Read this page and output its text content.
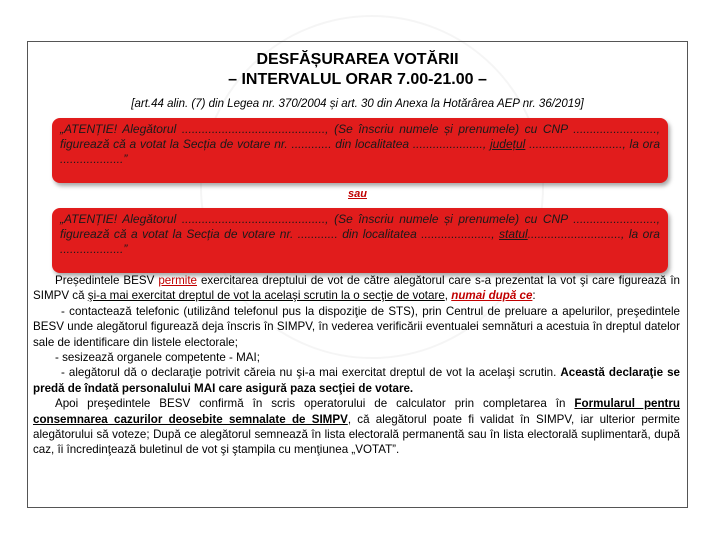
DESFĂȘURAREA VOTĂRII
– INTERVALUL ORAR 7.00-21.00 –
[art.44 alin. (7) din Legea nr. 370/2004 și art. 30 din Anexa la Hotărârea AEP nr. 36/2019]
„ATENȚIE! Alegătorul ..........................................., (Se înscriu numele și prenumele) cu CNP ........................., figurează că a votat la Secția de votare nr. ............ din localitatea ....................., județul ............................, la ora ...................”
sau
„ATENȚIE! Alegătorul ..........................................., (Se înscriu numele și prenumele) cu CNP ........................., figurează că a votat la Secția de votare nr. ............ din localitatea ....................., statul............................, la ora ...................”

Președintele BESV permite exercitarea dreptului de vot de către alegătorul care s-a prezentat la vot şi care figurează în SIMPV că şi-a mai exercitat dreptul de vot la acelaşi scrutin la o secţie de votare, numai după ce:

- contactează telefonic (utilizând telefonul pus la dispoziţie de STS), prin Centrul de preluare a apelurilor, preşedintele BESV unde alegătorul figurează deja înscris în SIMPV, în vederea verificării eventualei semnături a acestuia în dreptul datelor sale de identificare din listele electorale;

- sesizează organele competente - MAI;

- alegătorul dă o declaraţie potrivit căreia nu şi-a mai exercitat dreptul de vot la acelaşi scrutin. Această declaraţie se predă de îndată personalului MAI care asigură paza secţiei de votare.

Apoi preşedintele BESV confirmă în scris operatorului de calculator prin completarea în Formularul pentru consemnarea cazurilor deosebite semnalate de SIMPV, că alegătorul poate fi validat în SIMPV, iar ulterior permite alegătorului să voteze; După ce alegătorul semnează în lista electorală permanentă sau în lista electorală suplimentară, după caz, îi încredinţează buletinul de vot şi ştampila cu menţiunea „VOTAT”.
